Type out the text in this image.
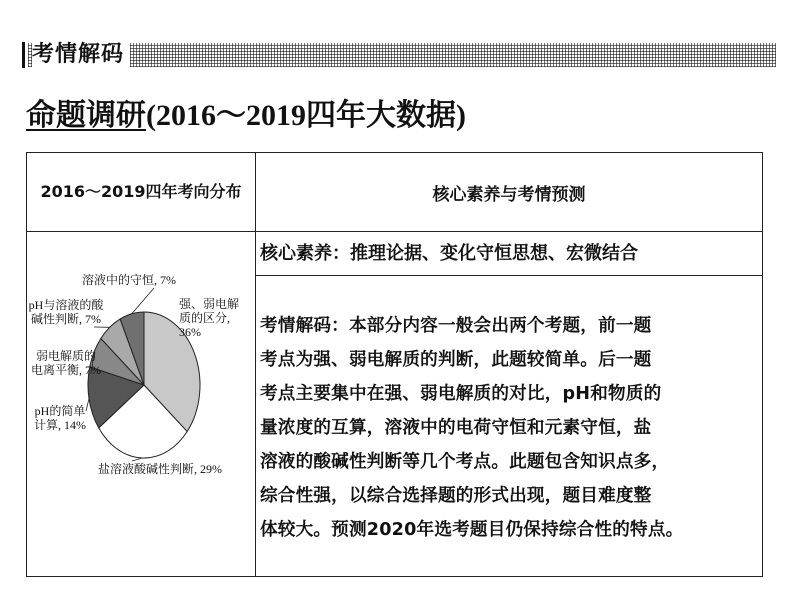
考情解码
命题调研(2016～2019四年大数据)
2016～2019四年考向分布	核心素养与考情预测
核心素养：推理论据、变化守恒思想、宏微结合

考情解码：本部分内容一般会出两个考题，前一题

考点为强、弱电解质的判断，此题较简单。后一题

考点主要集中在强、弱电解质的对比，pH和物质的

量浓度的互算，溶液中的电荷守恒和元素守恒，盐

溶液的酸碱性判断等几个考点。此题包含知识点多，

综合性强，以综合选择题的形式出现，题目难度整

体较大。预测2020年选考题目仍保持综合性的特点。

强、弱电解质的区分, 36%
盐溶液酸碱性判断, 29%
pH的简单计算, 14%
弱电解质的电离平衡, 7%
pH与溶液的酸碱性判断, 7%
溶液中的守恒, 7%
